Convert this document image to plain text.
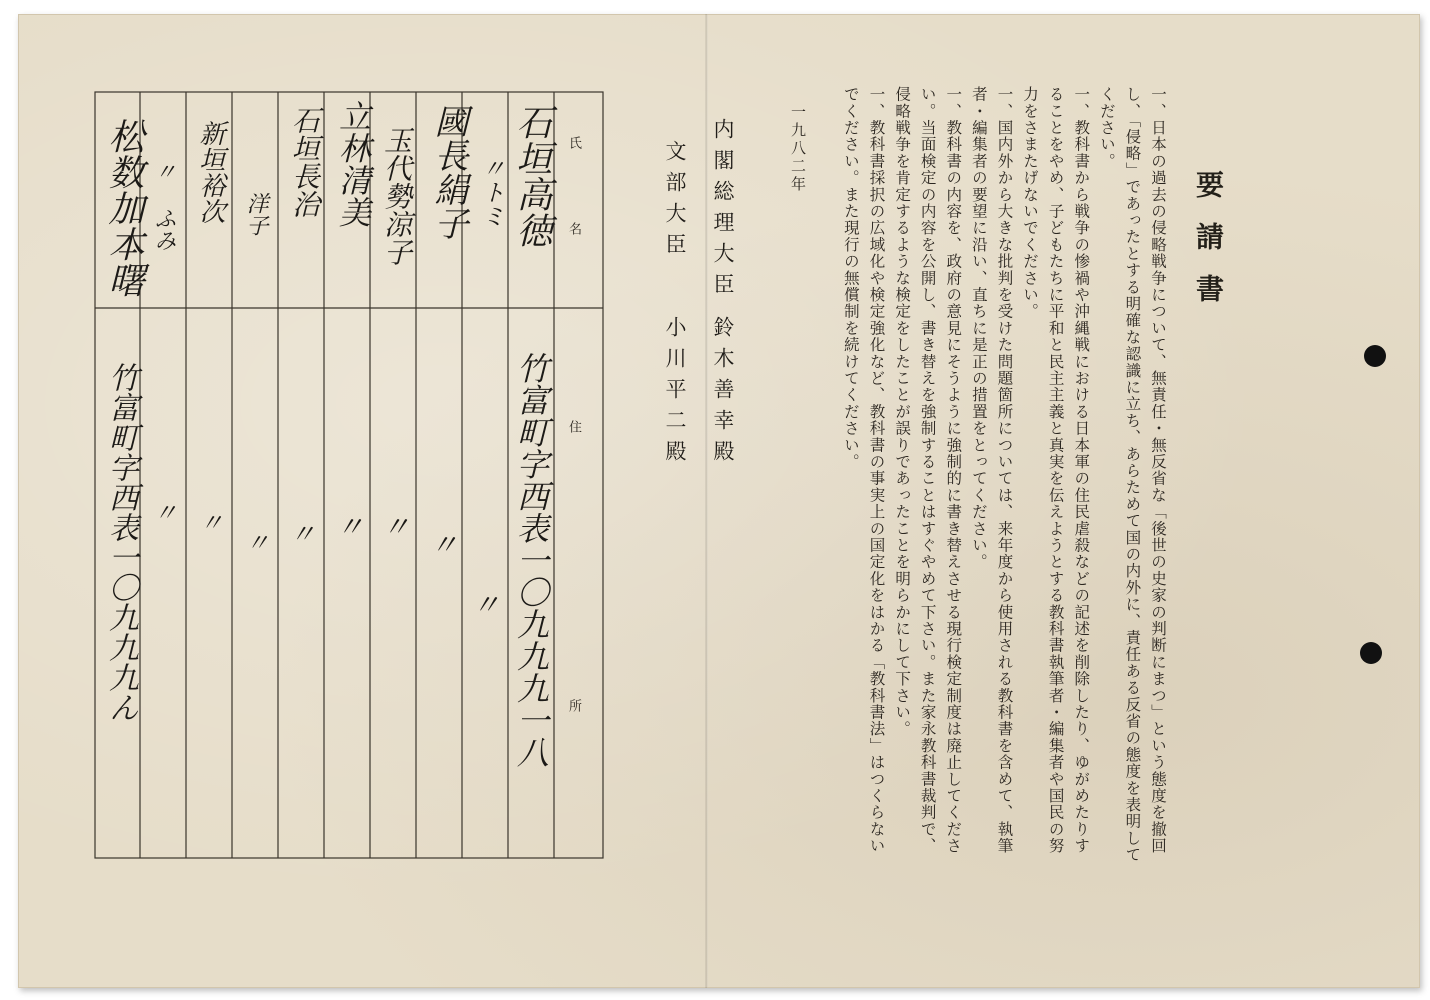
要請書
一、日本の過去の侵略戦争について、無責任・無反省な「後世の史家の判断にまつ」という態度を撤回し、「侵略」であったとする明確な認識に立ち、あらためて国の内外に、責任ある反省の態度を表明してください。
一、教科書から戦争の惨禍や沖縄戦における日本軍の住民虐殺などの記述を削除したり、ゆがめたりすることをやめ、子どもたちに平和と民主主義と真実を伝えようとする教科書執筆者・編集者や国民の努力をさまたげないでください。
一、国内外から大きな批判を受けた問題箇所については、来年度から使用される教科書を含めて、執筆者・編集者の要望に沿い、直ちに是正の措置をとってください。
一、教科書の内容を、政府の意見にそうように強制的に書き替えさせる現行検定制度は廃止してください。当面検定の内容を公開し、書き替えを強制することはすぐやめて下さい。また家永教科書裁判で、侵略戦争を肯定するような検定をしたことが誤りであったことを明らかにして下さい。
一、教科書採択の広域化や検定強化など、教科書の事実上の国定化をはかる「教科書法」はつくらないでください。また現行の無償制を続けてください。
一九八二年
内閣総理大臣
鈴木善幸殿
文部大臣
小川平二殿
氏　名
住　　所
石垣高徳
〃トミ
國長絹子
玉代勢涼子
立林清美
石垣長治
洋子
新垣裕次
〃 ふみ
松数加本曙
竹富町字西表一〇九九九一八
〃
〃
〃
〃
〃
〃
〃
〃
竹富町字西表一〇九九九ん
